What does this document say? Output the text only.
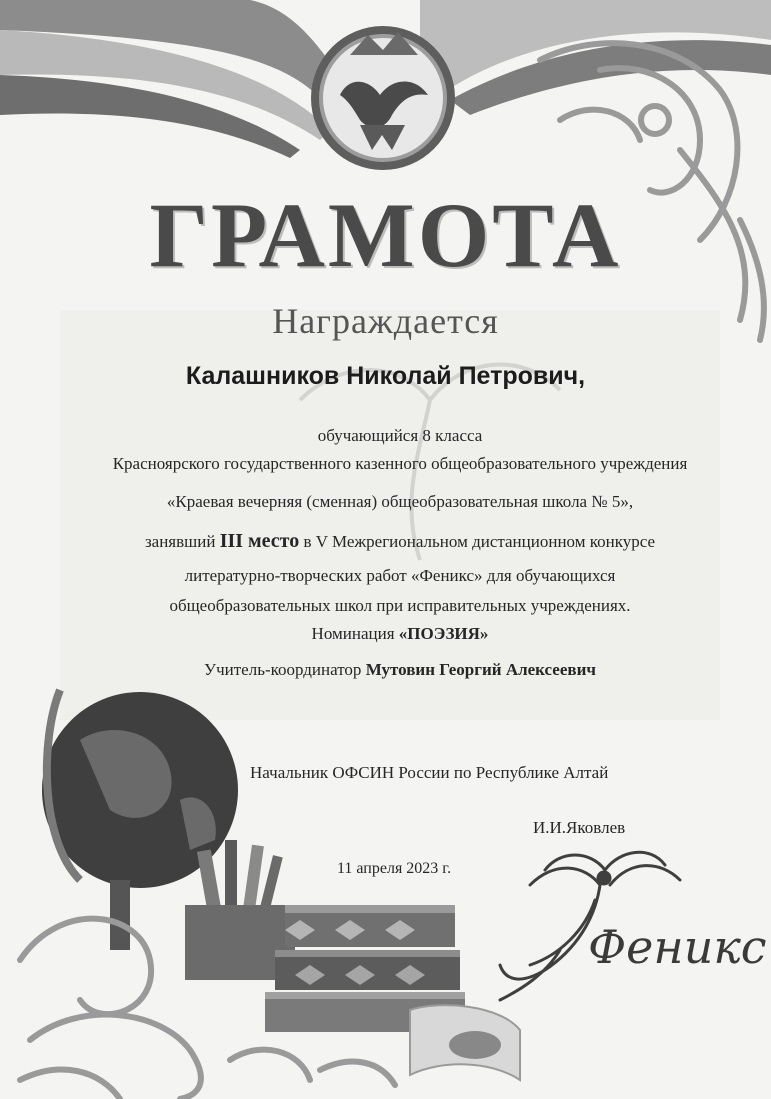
ГРАМОТА
Награждается
Калашников Николай Петрович,
обучающийся 8 класса
Красноярского государственного казенного общеобразовательного учреждения
«Краевая вечерняя (сменная) общеобразовательная школа № 5»,
занявший III место в V Межрегиональном дистанционном конкурсе
литературно-творческих работ «Феникс» для обучающихся
общеобразовательных школ при исправительных учреждениях.
Номинация «ПОЭЗИЯ»
Учитель-координатор Мутовин Георгий Алексеевич
Начальник ОФСИН России по Республике Алтай
И.И.Яковлев
11 апреля 2023 г.
Феникс
